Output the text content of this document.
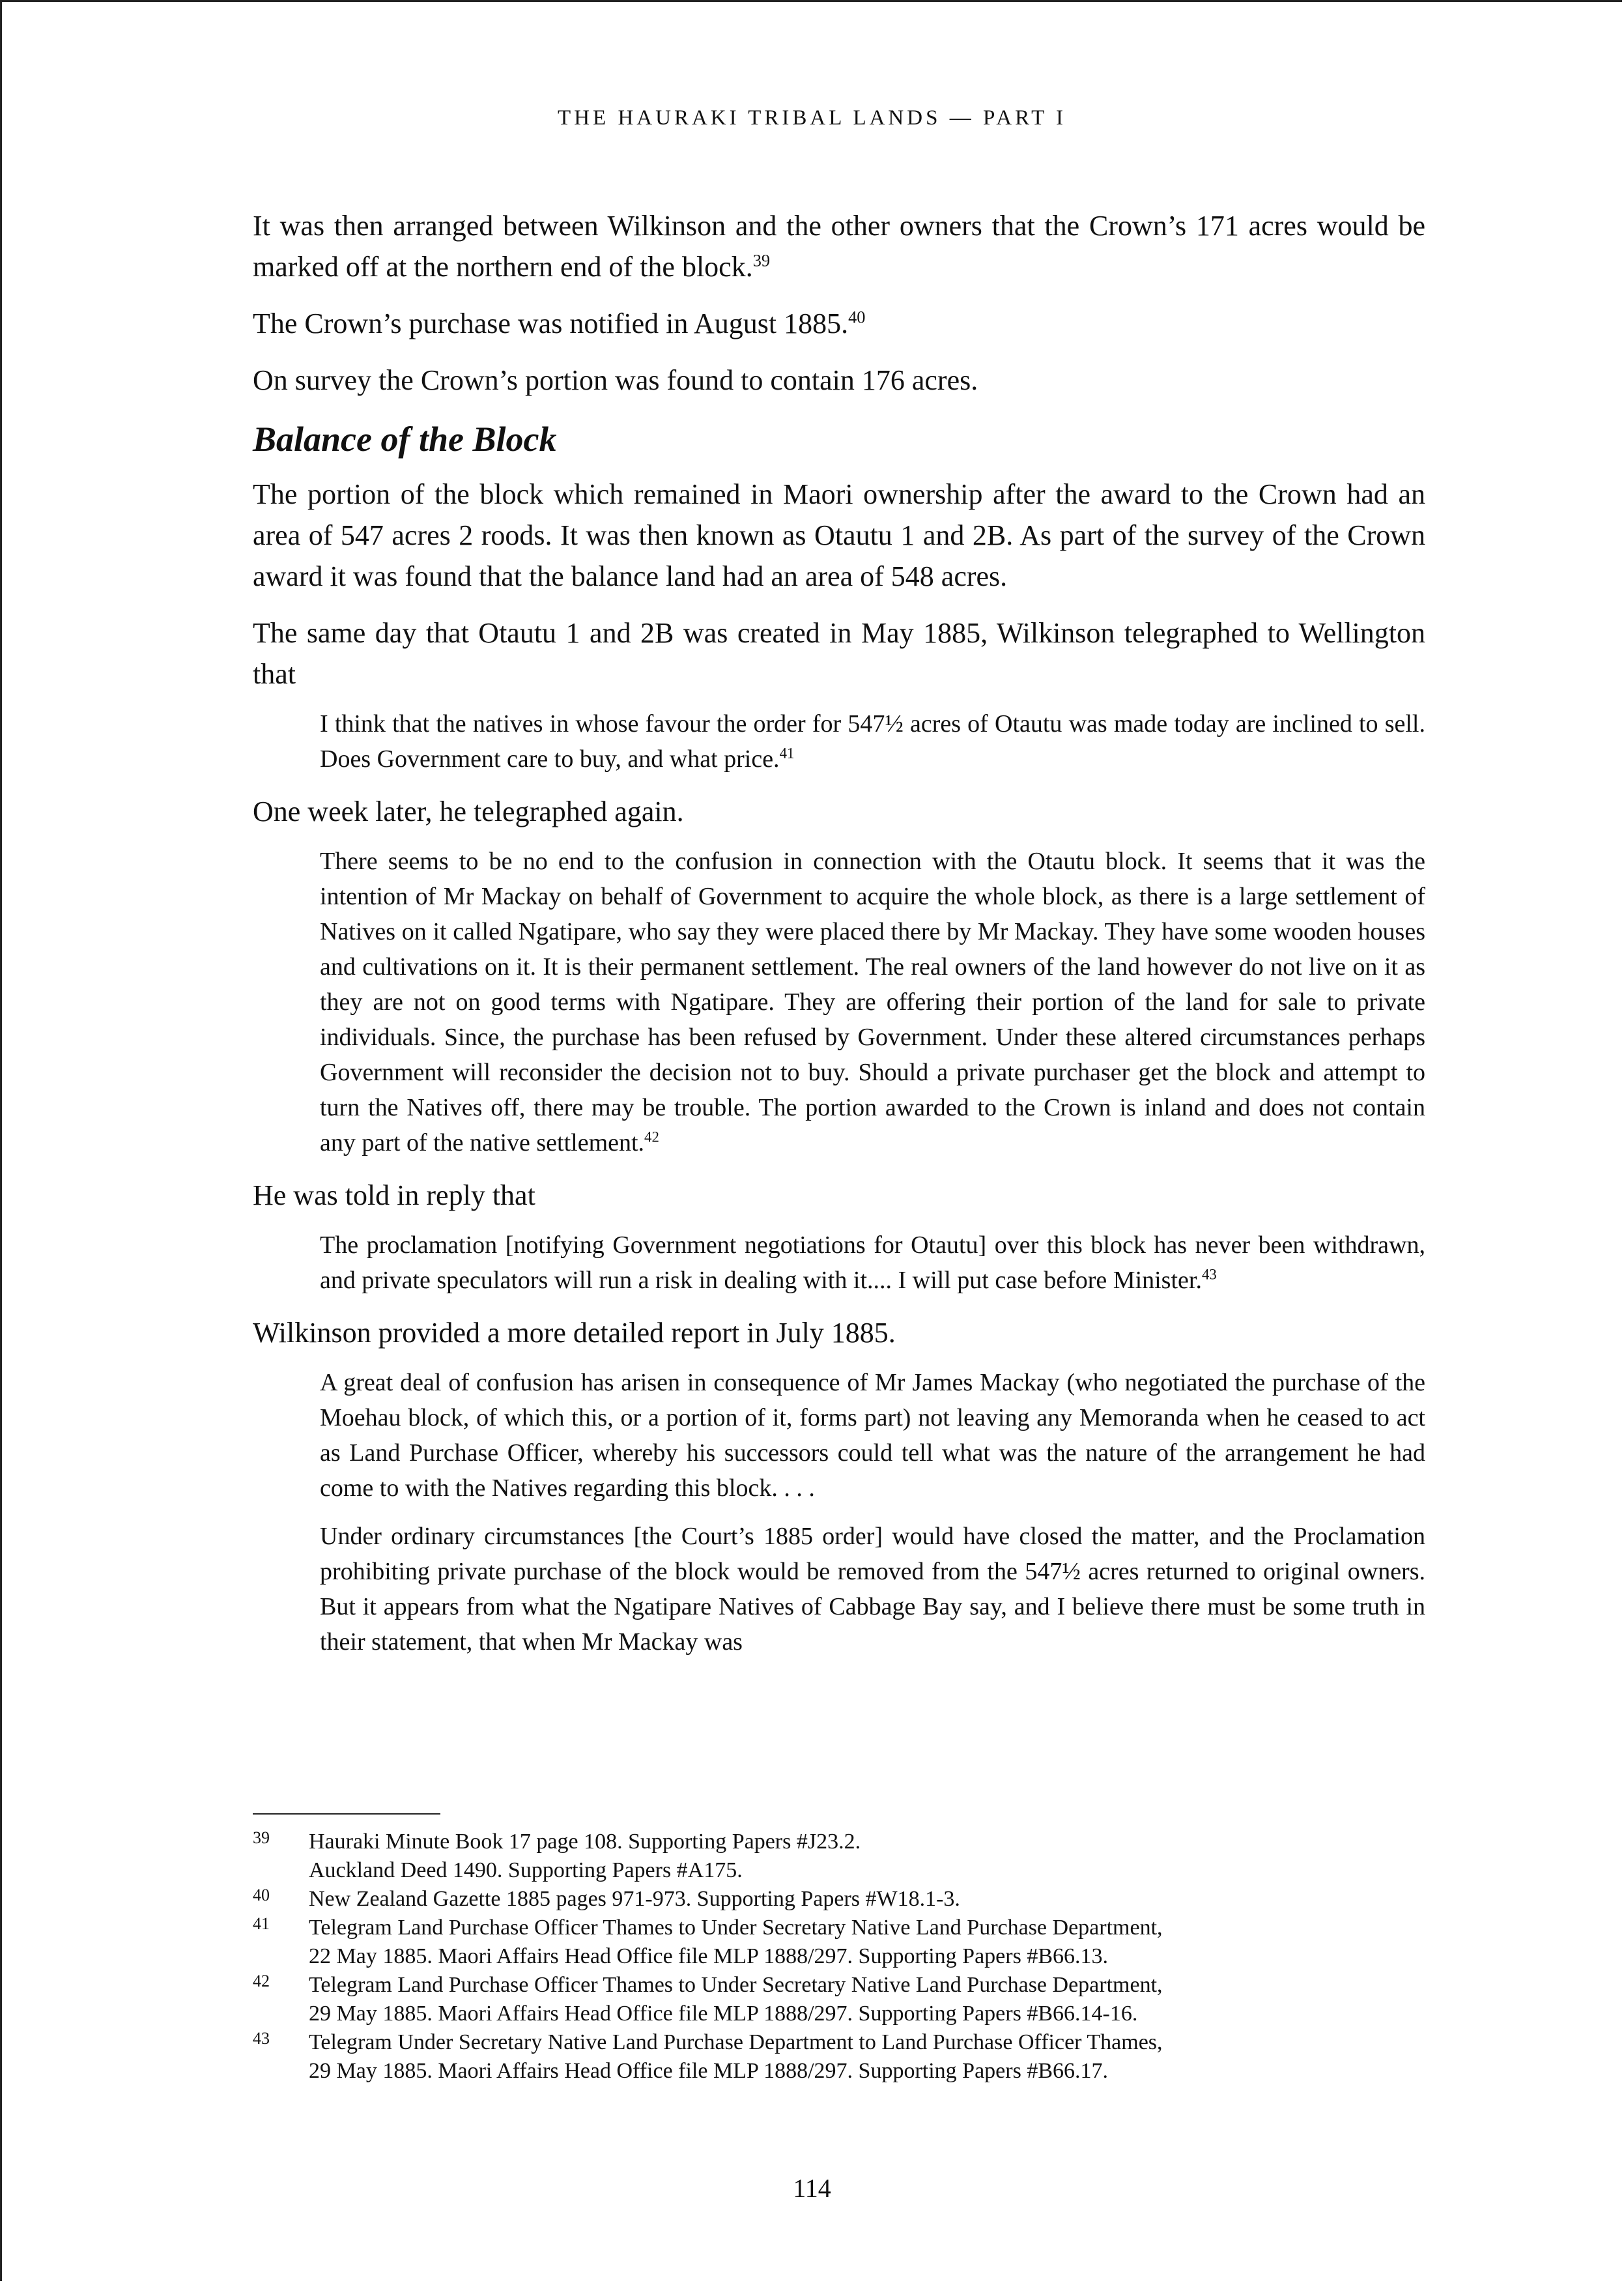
THE HAURAKI TRIBAL LANDS — PART I

It was then arranged between Wilkinson and the other owners that the Crown’s 171 acres would be marked off at the northern end of the block.$^{39}$

The Crown’s purchase was notified in August 1885.40

On survey the Crown’s portion was found to contain 176 acres.

Balance of the Block

The portion of the block which remained in Maori ownership after the award to the Crown had an area of 547 acres 2 roods. It was then known as Otautu 1 and 2B. As part of the survey of the Crown award it was found that the balance land had an area of 548 acres.

The same day that Otautu 1 and 2B was created in May 1885, Wilkinson telegraphed to Wellington that

I think that the natives in whose favour the order for 547½ acres of Otautu was made today are inclined to sell. Does Government care to buy, and what price.$^{41}$

One week later, he telegraphed again.

There seems to be no end to the confusion in connection with the Otautu block. It seems that it was the intention of Mr Mackay on behalf of Government to acquire the whole block, as there is a large settlement of Natives on it called Ngatipare, who say they were placed there by Mr Mackay. They have some wooden houses and cultivations on it. It is their permanent settlement. The real owners of the land however do not live on it as they are not on good terms with Ngatipare. They are offering their portion of the land for sale to private individuals. Since, the purchase has been refused by Government. Under these altered circumstances perhaps Government will reconsider the decision not to buy. Should a private purchaser get the block and attempt to turn the Natives off, there may be trouble. The portion awarded to the Crown is inland and does not contain any part of the native settlement.$^{42}$

He was told in reply that

The proclamation [notifying Government negotiations for Otautu] over this block has never been withdrawn, and private speculators will run a risk in dealing with it.... I will put case before Minister.$^{43}$

Wilkinson provided a more detailed report in July 1885.

A great deal of confusion has arisen in consequence of Mr James Mackay (who negotiated the purchase of the Moehau block, of which this, or a portion of it, forms part) not leaving any Memoranda when he ceased to act as Land Purchase Officer, whereby his successors could tell what was the nature of the arrangement he had come to with the Natives regarding this block. . . .

Under ordinary circumstances [the Court’s 1885 order] would have closed the matter, and the Proclamation prohibiting private purchase of the block would be removed from the 547½ acres returned to original owners. But it appears from what the Ngatipare Natives of Cabbage Bay say, and I believe there must be some truth in their statement, that when Mr Mackay was

39	Hauraki Minute Book 17 page 108. Supporting Papers #J23.2.
Auckland Deed 1490. Supporting Papers #A175.
40	New Zealand Gazette 1885 pages 971-973. Supporting Papers #W18.1-3.
41	Telegram Land Purchase Officer Thames to Under Secretary Native Land Purchase Department,
22 May 1885. Maori Affairs Head Office file MLP 1888/297. Supporting Papers #B66.13.
42	Telegram Land Purchase Officer Thames to Under Secretary Native Land Purchase Department,
29 May 1885. Maori Affairs Head Office file MLP 1888/297. Supporting Papers #B66.14-16.
43	Telegram Under Secretary Native Land Purchase Department to Land Purchase Officer Thames,
29 May 1885. Maori Affairs Head Office file MLP 1888/297. Supporting Papers #B66.17.
114
